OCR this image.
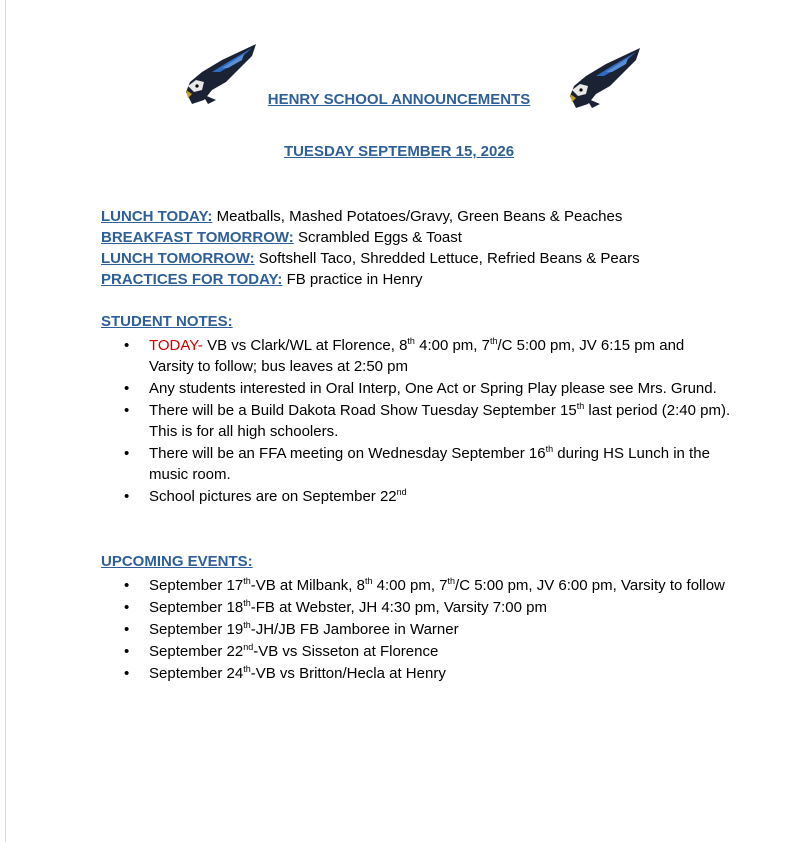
HENRY SCHOOL ANNOUNCEMENTS
TUESDAY SEPTEMBER 15, 2026
LUNCH TODAY: Meatballs, Mashed Potatoes/Gravy, Green Beans & Peaches
BREAKFAST TOMORROW: Scrambled Eggs & Toast
LUNCH TOMORROW: Softshell Taco, Shredded Lettuce, Refried Beans & Pears
PRACTICES FOR TODAY: FB practice in Henry
STUDENT NOTES:
• TODAY- VB vs Clark/WL at Florence, 8th 4:00 pm, 7th/C 5:00 pm, JV 6:15 pm and Varsity to follow; bus leaves at 2:50 pm
• Any students interested in Oral Interp, One Act or Spring Play please see Mrs. Grund.
• There will be a Build Dakota Road Show Tuesday September 15th last period (2:40 pm). This is for all high schoolers.
• There will be an FFA meeting on Wednesday September 16th during HS Lunch in the music room.
• School pictures are on September 22nd
UPCOMING EVENTS:
• September 17th-VB at Milbank, 8th 4:00 pm, 7th/C 5:00 pm, JV 6:00 pm, Varsity to follow
• September 18th-FB at Webster, JH 4:30 pm, Varsity 7:00 pm
• September 19th-JH/JB FB Jamboree in Warner
• September 22nd-VB vs Sisseton at Florence
• September 24th-VB vs Britton/Hecla at Henry
